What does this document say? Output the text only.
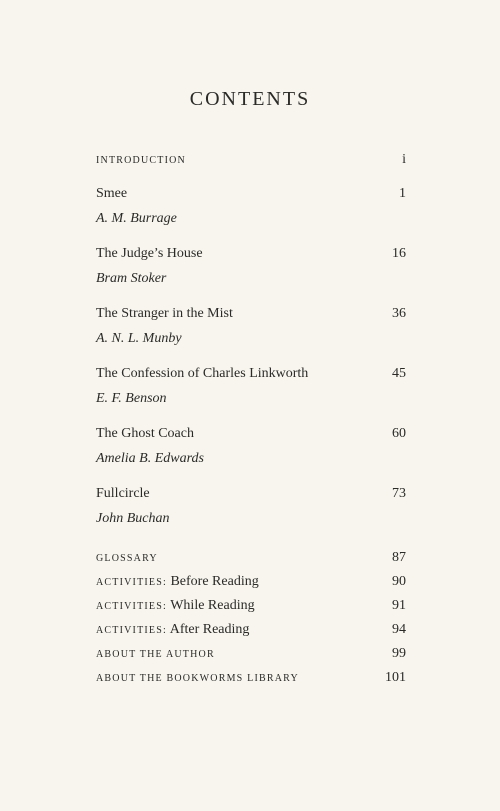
CONTENTS
INTRODUCTION	i
Smee	1
A. M. Burrage
The Judge’s House	16
Bram Stoker
The Stranger in the Mist	36
A. N. L. Munby
The Confession of Charles Linkworth	45
E. F. Benson
The Ghost Coach	60
Amelia B. Edwards
Fullcircle	73
John Buchan
GLOSSARY	87
ACTIVITIES: Before Reading	90
ACTIVITIES: While Reading	91
ACTIVITIES: After Reading	94
ABOUT THE AUTHOR	99
ABOUT THE BOOKWORMS LIBRARY	101
